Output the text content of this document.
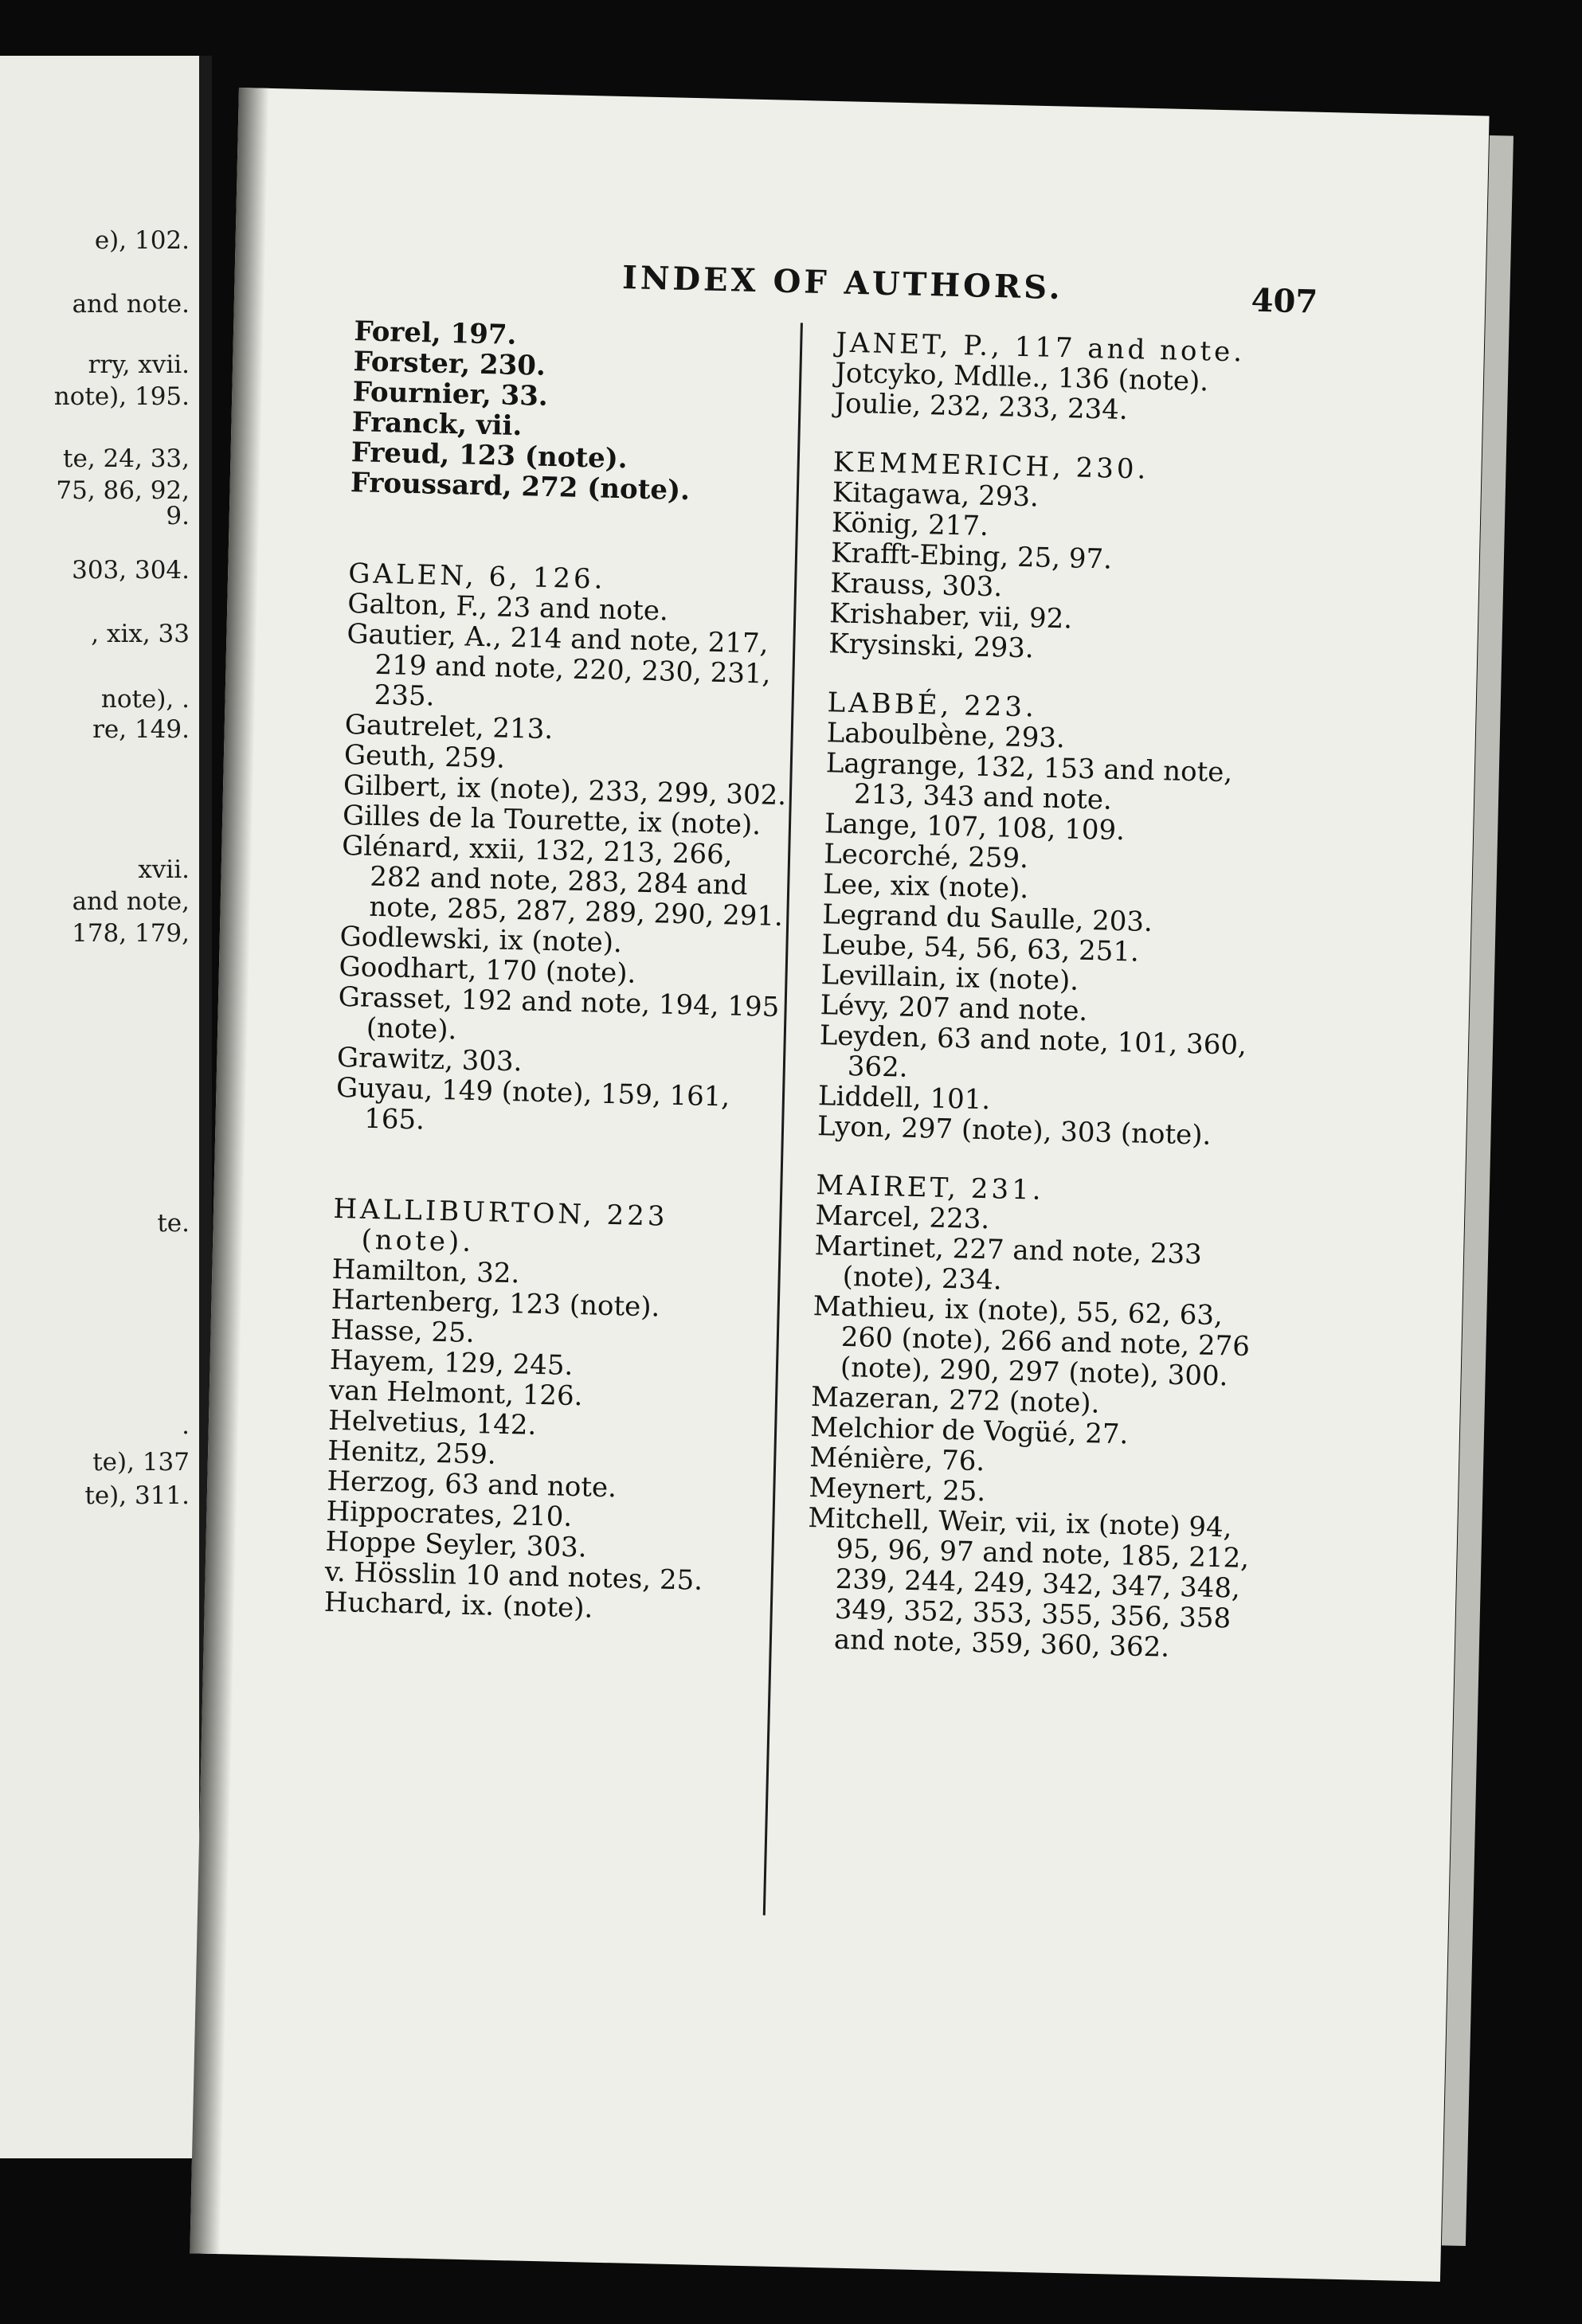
e), 102.
and note.
rry, xvii.
note), 195.
te, 24, 33,
75, 86, 92,
9.
303, 304.
, xix, 33
note), .
re, 149.
xvii.
and note,
178, 179,
te.
.
te), 137
te), 311.
INDEX OF AUTHORS.	407

Forel, 197.

Forster, 230.

Fournier, 33.

Franck, vii.

Freud, 123 (note).

Froussard, 272 (note).

GALEN, 6, 126.

Galton, F., 23 and note.

Gautier, A., 214 and note, 217, 219 and note, 220, 230, 231, 235.

Gautrelet, 213.

Geuth, 259.

Gilbert, ix (note), 233, 299, 302.

Gilles de la Tourette, ix (note).

Glénard, xxii, 132, 213, 266, 282 and note, 283, 284 and note, 285, 287, 289, 290, 291.

Godlewski, ix (note).

Goodhart, 170 (note).

Grasset, 192 and note, 194, 195 (note).

Grawitz, 303.

Guyau, 149 (note), 159, 161, 165.

HALLIBURTON, 223 (note).

Hamilton, 32.

Hartenberg, 123 (note).

Hasse, 25.

Hayem, 129, 245.

van Helmont, 126.

Helvetius, 142.

Henitz, 259.

Herzog, 63 and note.

Hippocrates, 210.

Hoppe Seyler, 303.

v. Hösslin 10 and notes, 25.

Huchard, ix. (note).

JANET, P., 117 and note.

Jotcyko, Mdlle., 136 (note).

Joulie, 232, 233, 234.

KEMMERICH, 230.

Kitagawa, 293.

König, 217.

Krafft-Ebing, 25, 97.

Krauss, 303.

Krishaber, vii, 92.

Krysinski, 293.

LABBÉ, 223.

Laboulbène, 293.

Lagrange, 132, 153 and note, 213, 343 and note.

Lange, 107, 108, 109.

Lecorché, 259.

Lee, xix (note).

Legrand du Saulle, 203.

Leube, 54, 56, 63, 251.

Levillain, ix (note).

Lévy, 207 and note.

Leyden, 63 and note, 101, 360, 362.

Liddell, 101.

Lyon, 297 (note), 303 (note).

MAIRET, 231.

Marcel, 223.

Martinet, 227 and note, 233 (note), 234.

Mathieu, ix (note), 55, 62, 63, 260 (note), 266 and note, 276 (note), 290, 297 (note), 300.

Mazeran, 272 (note).

Melchior de Vogüé, 27.

Ménière, 76.

Meynert, 25.

Mitchell, Weir, vii, ix (note) 94, 95, 96, 97 and note, 185, 212, 239, 244, 249, 342, 347, 348, 349, 352, 353, 355, 356, 358 and note, 359, 360, 362.
